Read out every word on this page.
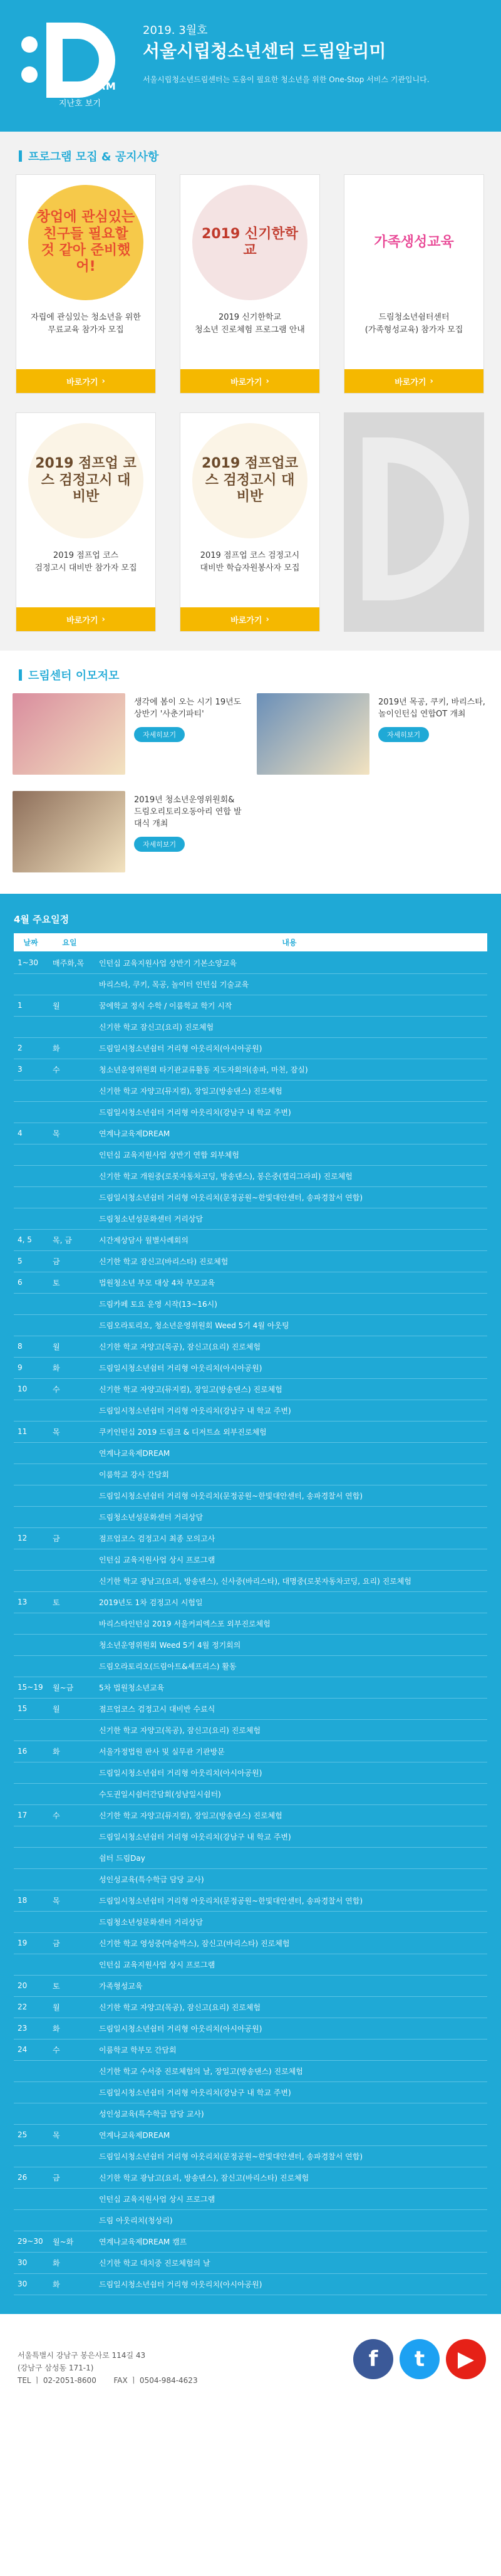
DREAM
지난호 보기
2019. 3월호
서울시립청소년센터 드림알리미
서울시립청소년드림센터는 도움이 필요한 청소년을 위한 One-Stop 서비스 기관입니다.
프로그램 모집 & 공지사항
창업에 관심있는 친구들 필요할 것 같아 준비했어!
자립에 관심있는 청소년을 위한
무료교육 참가자 모집
바로가기 ›
2019 신기한학교
2019 신기한학교
청소년 진로체험 프로그램 안내
바로가기 ›
가족생성교육
드림청소년쉼터센터
(가족형성교육) 참가자 모집
바로가기 ›
2019 점프업 코스 검정고시 대비반
2019 점프업 코스
검정고시 대비반 참가자 모집
바로가기 ›
2019 점프업코스 검정고시 대비반
2019 점프업 코스 검정고시
대비반 학습자원봉사자 모집
바로가기 ›
드림센터 이모저모
생각에 봄이 오는 시기 19년도 상반기 '사춘기파티'
자세히보기
2019년 목공, 쿠키, 바리스타, 놀이인턴십 연합OT 개최
자세히보기
2019년 청소년운영위원회& 드림오리토리오동아리 연합 발대식 개최
자세히보기
4월 주요일정
날짜	요일	내용
1~30	매주화,목	인턴십 교육지원사업 상반기 기본소양교육
		바리스타, 쿠키, 목공, 놀이터 인턴십 기술교육
1	월	꿈에학교 정식 수학 / 이룸학교 학기 시작
		신기한 학교 잠신고(요리) 진로체험
2	화	드림일시청소년쉼터 거리형 아웃리치(아시아공원)
3	수	청소년운영위원회 타기관교류활동 지도자회의(송파, 마천, 잠실)
		신기한 학교 자양고(뮤지컬), 장일고(방송댄스) 진로체험
		드림일시청소년쉼터 거리형 아웃리치(강남구 내 학교 주변)
4	목	연계나교육제DREAM
		인턴십 교육지원사업 상반기 연합 외부체험
		신기한 학교 개원중(로봇자동차코딩, 방송댄스), 봉은중(캘리그라피) 진로체험
		드림일시청소년쉼터 거리형 아웃리치(문정공원~한빛대안센터, 송파경찰서 연합)
		드림청소년성문화센터 거리상담
4, 5	목, 금	시간제상담사 월별사례회의
5	금	신기한 학교 잠신고(바리스타) 진로체험
6	토	법원청소년 부모 대상 4차 부모교육
		드림카페 토요 운영 시작(13~16시)
		드림오라토리오, 청소년운영위원회 Weed 5기 4월 아웃팅
8	월	신기한 학교 자양고(목공), 잠신고(요리) 진로체험
9	화	드림일시청소년쉼터 거리형 아웃리치(아시아공원)
10	수	신기한 학교 자양고(뮤지컬), 장일고(방송댄스) 진로체험
		드림일시청소년쉼터 거리형 아웃리치(강남구 내 학교 주변)
11	목	쿠키인턴십 2019 드림크 & 디저트쇼 외부진로체험
		연계나교육제DREAM
		이룸학교 강사 간담회
		드림일시청소년쉼터 거리형 아웃리치(문정공원~한빛대안센터, 송파경찰서 연합)
		드림청소년성문화센터 거리상담
12	금	점프업코스 검정고시 최종 모의고사
		인턴십 교육지원사업 상시 프로그램
		신기한 학교 광남고(요리, 방송댄스), 신사중(바리스타), 대명중(로봇자동차코딩, 요리) 진로체험
13	토	2019년도 1차 검정고시 시험일
		바리스타인턴십 2019 서울커피엑스포 외부진로체험
		청소년운영위원회 Weed 5기 4월 정기회의
		드림오라토리오(드림아트&셰프리스) 활동
15~19	월~금	5차 법원청소년교육
15	월	점프업코스 검정고시 대비반 수료식
		신기한 학교 자양고(목공), 잠신고(요리) 진로체험
16	화	서울가정법원 판사 및 실무관 기관방문
		드림일시청소년쉼터 거리형 아웃리치(아시아공원)
		수도권일시쉼터간담회(성남일시쉼터)
17	수	신기한 학교 자양고(뮤지컬), 장일고(방송댄스) 진로체험
		드림일시청소년쉼터 거리형 아웃리치(강남구 내 학교 주변)
		쉼터 드림Day
		성인성교육(특수학급 담당 교사)
18	목	드림일시청소년쉼터 거리형 아웃리치(문정공원~한빛대안센터, 송파경찰서 연합)
		드림청소년성문화센터 거리상담
19	금	신기한 학교 영성중(마술박스), 잠신고(바리스타) 진로체험
		인턴십 교육지원사업 상시 프로그램
20	토	가족형성교육
22	월	신기한 학교 자양고(목공), 잠신고(요리) 진로체험
23	화	드림일시청소년쉼터 거리형 아웃리치(아시아공원)
24	수	이룸학교 학부모 간담회
		신기한 학교 수서중 진로체험의 날, 장일고(방송댄스) 진로체험
		드림일시청소년쉼터 거리형 아웃리치(강남구 내 학교 주변)
		성인성교육(특수학급 담당 교사)
25	목	연계나교육제DREAM
		드림일시청소년쉼터 거리형 아웃리치(문정공원~한빛대안센터, 송파경찰서 연합)
26	금	신기한 학교 광남고(요리, 방송댄스), 잠신고(바리스타) 진로체험
		인턴십 교육지원사업 상시 프로그램
		드림 아웃리치(청상리)
29~30	월~화	연계나교육제DREAM 캠프
30	화	신기한 학교 대치중 진로체험의 날
30	화	드림일시청소년쉼터 거리형 아웃리치(아시아공원)
서울특별시 강남구 봉은사로 114길 43
(강남구 삼성동 171-1)
TEL ㅣ 02-2051-8600 FAX ㅣ 0504-984-4623
f	t	▶
